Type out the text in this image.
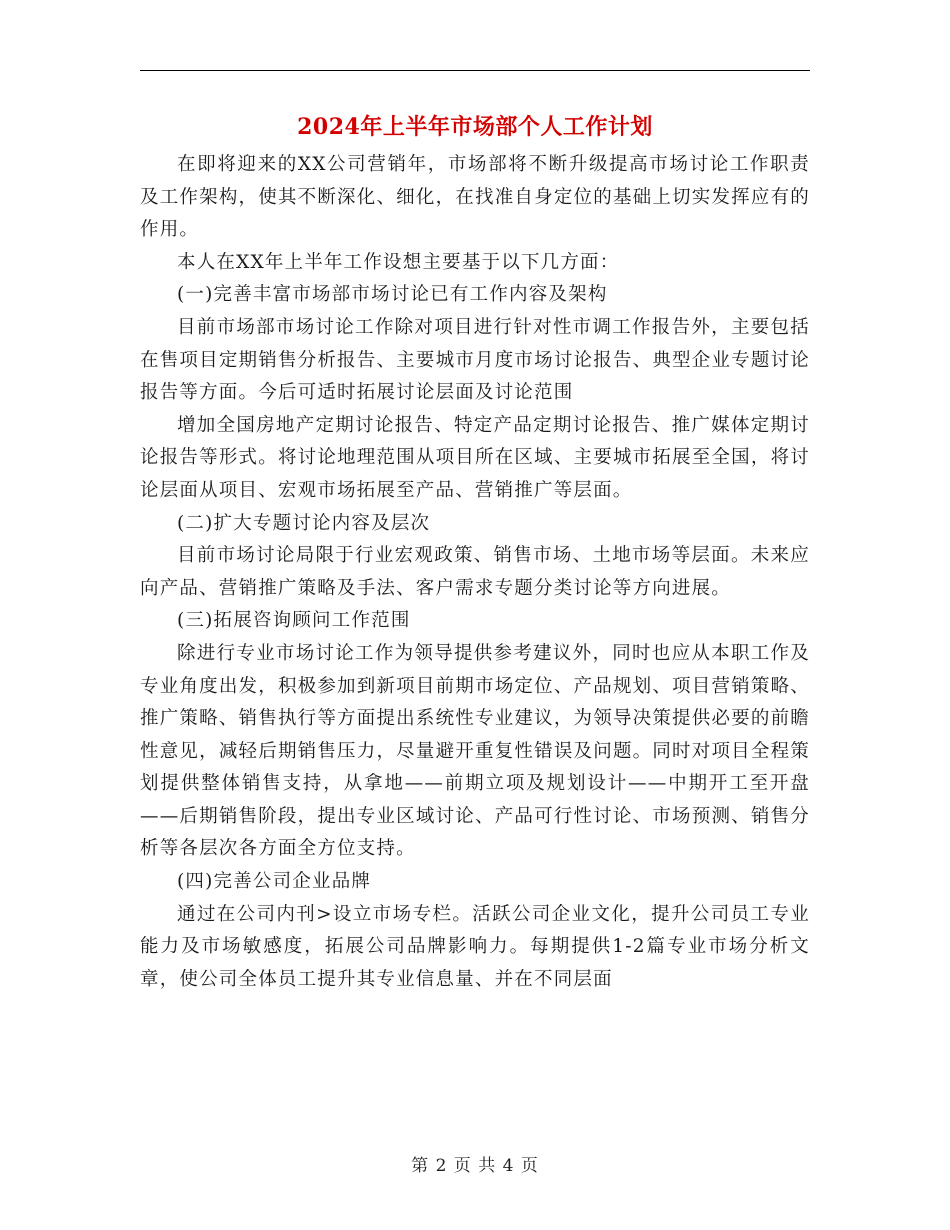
2024年上半年市场部个人工作计划

在即将迎来的XX公司营销年，市场部将不断升级提高市场讨论工作职责及工作架构，使其不断深化、细化，在找准自身定位的基础上切实发挥应有的作用。

本人在XX年上半年工作设想主要基于以下几方面：

(一)完善丰富市场部市场讨论已有工作内容及架构

目前市场部市场讨论工作除对项目进行针对性市调工作报告外，主要包括在售项目定期销售分析报告、主要城市月度市场讨论报告、典型企业专题讨论报告等方面。今后可适时拓展讨论层面及讨论范围

增加全国房地产定期讨论报告、特定产品定期讨论报告、推广媒体定期讨论报告等形式。将讨论地理范围从项目所在区域、主要城市拓展至全国，将讨论层面从项目、宏观市场拓展至产品、营销推广等层面。

(二)扩大专题讨论内容及层次

目前市场讨论局限于行业宏观政策、销售市场、土地市场等层面。未来应向产品、营销推广策略及手法、客户需求专题分类讨论等方向进展。

(三)拓展咨询顾问工作范围

除进行专业市场讨论工作为领导提供参考建议外，同时也应从本职工作及专业角度出发，积极参加到新项目前期市场定位、产品规划、项目营销策略、推广策略、销售执行等方面提出系统性专业建议，为领导决策提供必要的前瞻性意见，减轻后期销售压力，尽量避开重复性错误及问题。同时对项目全程策划提供整体销售支持，从拿地——前期立项及规划设计——中期开工至开盘——后期销售阶段，提出专业区域讨论、产品可行性讨论、市场预测、销售分析等各层次各方面全方位支持。

(四)完善公司企业品牌

通过在公司内刊>设立市场专栏。活跃公司企业文化，提升公司员工专业能力及市场敏感度，拓展公司品牌影响力。每期提供1-2篇专业市场分析文章，使公司全体员工提升其专业信息量、并在不同层面

第 2 页 共 4 页
